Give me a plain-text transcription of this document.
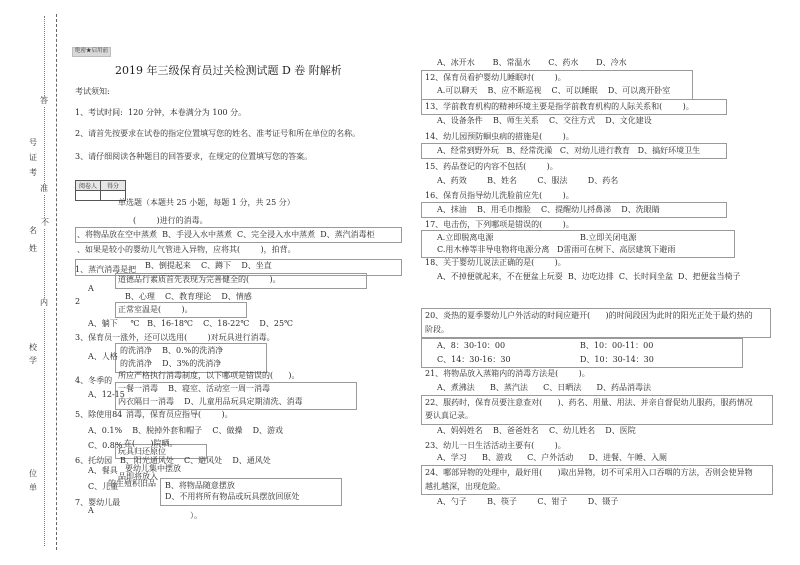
答
号
证
考
准
不
名
姓
内
校
学
位
单
绝密★启用前
2019 年三级保育员过关检测试题 D 卷 附解析
考试须知:
1、考试时间: 120 分钟，本卷满分为 100 分。
2、请首先按要求在试卷的指定位置填写您的姓名、准考证号和所在单位的名称。
3、请仔细阅读各种题目的回答要求，在规定的位置填写您的答案。
阅卷人	得分

单选题（本题共 25 小题，每题 1 分，共 25 分）
(        )进行的消毒。
、将物品放在空中蒸煮  B、手浸入水中蒸煮  C、完全浸入水中蒸煮  D、蒸汽消毒柜
、如果是较小的婴幼儿气管进入异物，应将其(        )，拍背。
1、蒸汽消毒是把 B、倒提起来    C、蹲下    D、坐直
道德品行素质首先表现为完善健全的(        )。
A
B、心理    C、教育理论    D、情感
2
正常室温是(        )。
A、躺下     ℃   B、16-18℃    C、18-22℃    D、25℃
3、保育员一涨外，还可以选用(        )对玩具进行消毒。
A、人格
的洗消净    B、0.%的洗消净
的洗消净    D、3%的洗消净
4、冬季的
所应严格执行消毒制度，以下哪项是错误的(      )。
A、12-15
一餐一消毒    B、寝室、活动室一周一消毒
内衣隔日一消毒    D、儿童用品玩具定期清洗、消毒
5、除使用84 消毒，保育员应指导(        )。
A、0.1%    B、脱掉外套和帽子    C、做操    D、游戏
C、0.8% 在(      )院晒。
玩具归还原位
6、托幼园 B、阳光通风处    C、避风处    D、通风处
A、餐具 要幼儿集中摆放
品即将放入
的生殖积旧品
C、儿童	B、将物品随意摆放
D、不用将所有物品或玩具摆放回原处
7、婴幼儿最
A
）。
A、冰开水       B、常温水       C、药水       D、冷水
12、保育员看护婴幼儿睡眠时(        )。
A.可以聊天    B、应不断巡视    C、可以睡眠    D、可以离开卧室
13、学前教育机构的精神环境主要是指学前教育机构的人际关系和(        )。
A、设备条件    B、师生关系    C、交往方式    D、文化建设
14、幼儿园预防蛔虫病的措施是(        )。
A、经常到野外玩   B、经常洗澡   C、对幼儿进行教育   D、搞好环境卫生
15、药品登记的内容不包括(        )。
A、药效        B、姓名        C、服法        D、药名
16、保育员指导幼儿洗脸前应先(        )。
A、抹油    B、用毛巾擦脸    C、提醒幼儿捋鼻涕    D、洗眼睛
17、电击伤，下列哪项是错误的(        )。
A.立即脱离电源	B.立即关闭电源
C.用木棒等非导电物将电源分离   D雷雨可在树下、高层建筑下避雨
18、关于婴幼儿说法正确的是(        )。
A、不掉便就起来，不在便盆上玩耍  B、边吃边排  C、长时间坐盆  D、把便盆当椅子
20、炎热的夏季婴幼儿户外活动的时间应避开(      )的时间段因为此时的阳光正处于最灼热的
阶段。
A、8：30-10：00	B、10：00-11：00
C、14：30-16：30	D、10：30-14：30
21、将物品放入蒸箱内的消毒方法是(        )。
A、煮沸法      B、蒸汽法      C、日晒法      D、药品消毒法
22、服药时，保育员要注意查对(      )、药名、用量、用法、并亲自督促幼儿服药，服药情况
要认真记录。
A、妈妈姓名    B、爸爸姓名    C、幼儿姓名    D、医院
23、幼儿一日生活活动主要有(        )。
A、学习      B、游戏      C、户外活动      D、进餐、午睡、入厕
24、哪部异物的处理中，最好用(      )取出异物，切不可采用入口吞咽的方法，否则会使异物
越扎越深，出现危险。
A、勺子        B、筷子        C、钳子        D、镊子
